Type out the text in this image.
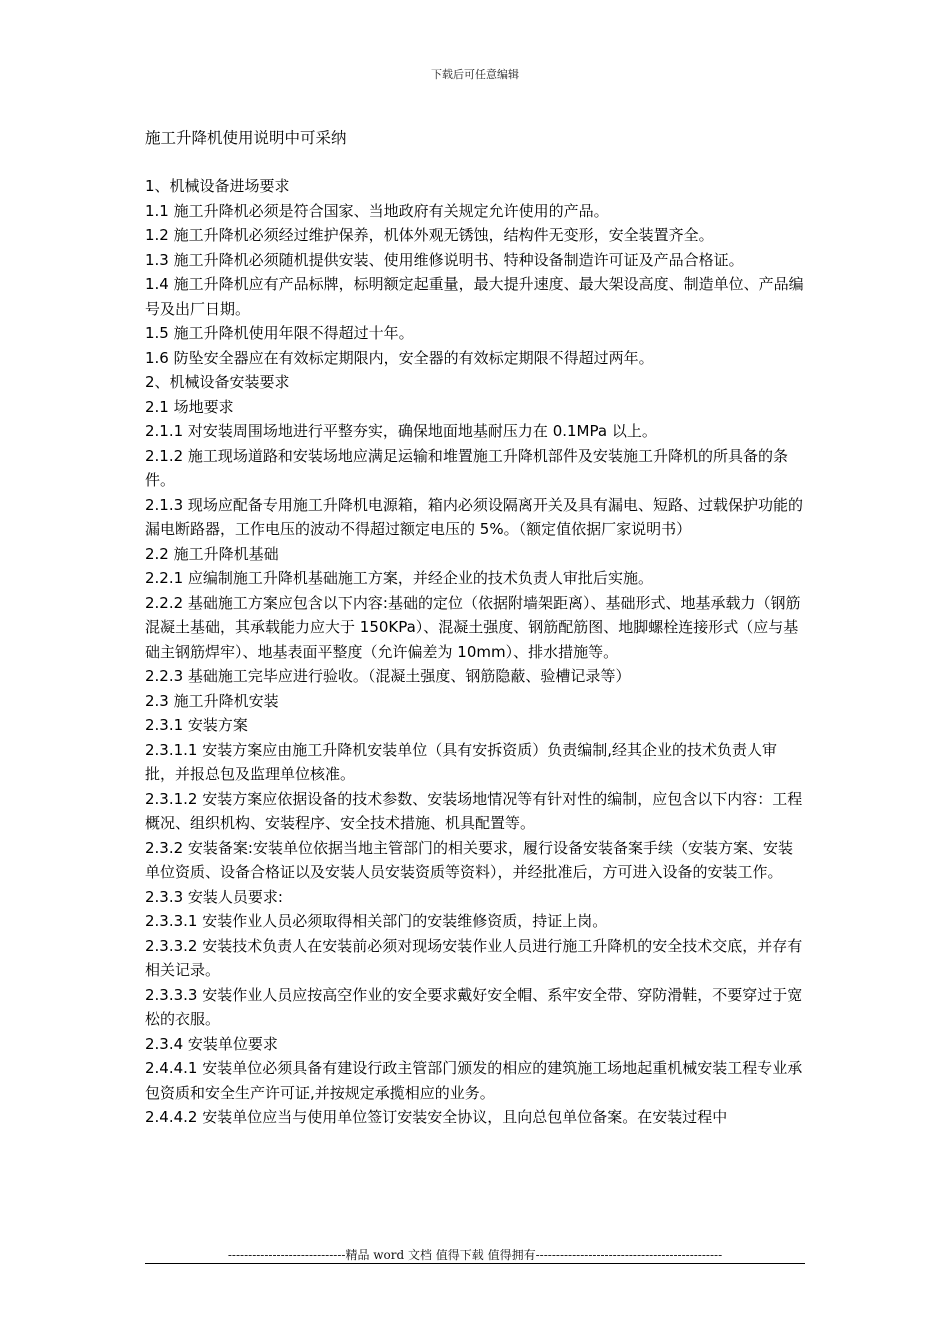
下载后可任意编辑
施工升降机使用说明中可采纳

1、机械设备进场要求

1.1 施工升降机必须是符合国家、当地政府有关规定允许使用的产品。

1.2 施工升降机必须经过维护保养，机体外观无锈蚀，结构件无变形，安全装置齐全。

1.3 施工升降机必须随机提供安装、使用维修说明书、特种设备制造许可证及产品合格证。

1.4 施工升降机应有产品标牌，标明额定起重量，最大提升速度、最大架设高度、制造单位、产品编号及出厂日期。

1.5 施工升降机使用年限不得超过十年。

1.6 防坠安全器应在有效标定期限内，安全器的有效标定期限不得超过两年。

2、机械设备安装要求

2.1 场地要求

2.1.1 对安装周围场地进行平整夯实，确保地面地基耐压力在 0.1MPa 以上。

2.1.2 施工现场道路和安装场地应满足运输和堆置施工升降机部件及安装施工升降机的所具备的条件。

2.1.3 现场应配备专用施工升降机电源箱，箱内必须设隔离开关及具有漏电、短路、过载保护功能的漏电断路器，工作电压的波动不得超过额定电压的 5%。（额定值依据厂家说明书）

2.2 施工升降机基础

2.2.1 应编制施工升降机基础施工方案，并经企业的技术负责人审批后实施。

2.2.2 基础施工方案应包含以下内容:基础的定位（依据附墙架距离）、基础形式、地基承载力（钢筋混凝土基础，其承载能力应大于 150KPa）、混凝土强度、钢筋配筋图、地脚螺栓连接形式（应与基础主钢筋焊牢）、地基表面平整度（允许偏差为 10mm）、排水措施等。

2.2.3 基础施工完毕应进行验收。（混凝土强度、钢筋隐蔽、验槽记录等）

2.3 施工升降机安装

2.3.1 安装方案

2.3.1.1 安装方案应由施工升降机安装单位（具有安拆资质）负责编制,经其企业的技术负责人审批，并报总包及监理单位核准。

2.3.1.2 安装方案应依据设备的技术参数、安装场地情况等有针对性的编制，应包含以下内容：工程概况、组织机构、安装程序、安全技术措施、机具配置等。

2.3.2 安装备案:安装单位依据当地主管部门的相关要求，履行设备安装备案手续（安装方案、安装单位资质、设备合格证以及安装人员安装资质等资料），并经批准后，方可进入设备的安装工作。

2.3.3 安装人员要求:

2.3.3.1 安装作业人员必须取得相关部门的安装维修资质，持证上岗。

2.3.3.2 安装技术负责人在安装前必须对现场安装作业人员进行施工升降机的安全技术交底，并存有相关记录。

2.3.3.3 安装作业人员应按高空作业的安全要求戴好安全帽、系牢安全带、穿防滑鞋，不要穿过于宽松的衣服。

2.3.4 安装单位要求

2.4.4.1 安装单位必须具备有建设行政主管部门颁发的相应的建筑施工场地起重机械安装工程专业承包资质和安全生产许可证,并按规定承揽相应的业务。

2.4.4.2 安装单位应当与使用单位签订安装安全协议，且向总包单位备案。在安装过程中

-----------------------------精品 word 文档 值得下载 值得拥有----------------------------------------------
